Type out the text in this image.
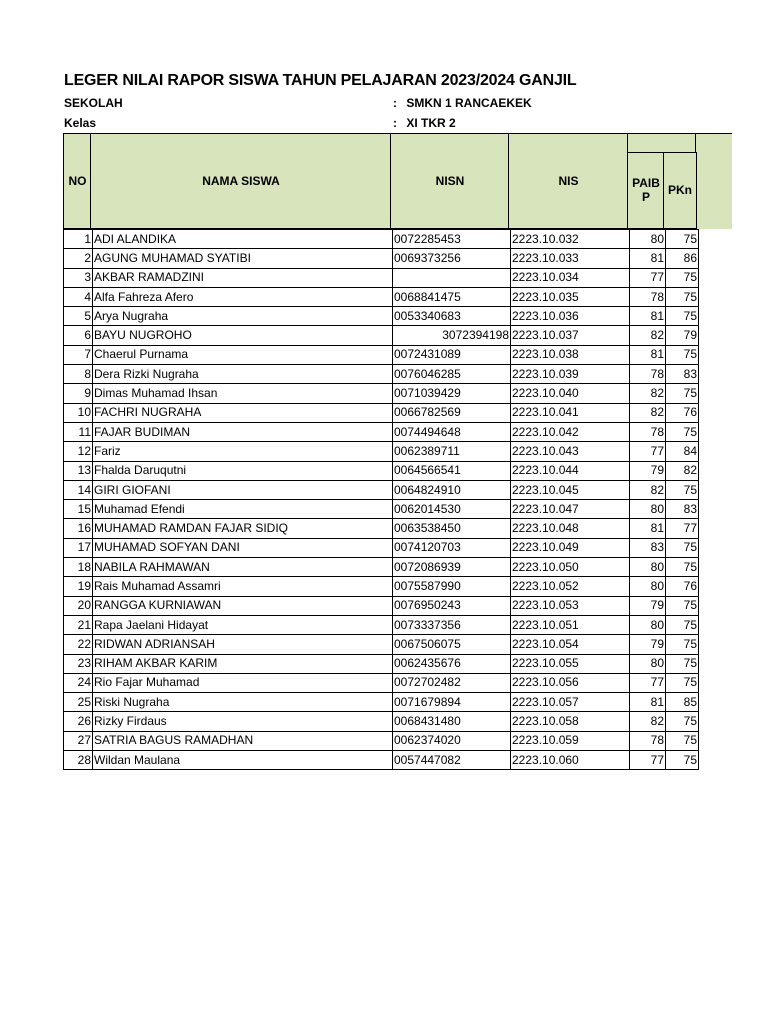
LEGER NILAI RAPOR SISWA TAHUN PELAJARAN 2023/2024 GANJIL
SEKOLAH	: SMKN 1 RANCAEKEK
Kelas	: XI TKR 2
NO	NAMA SISWA	NISN	NIS	PAIB
P	PKn
1	ADI ALANDIKA	0072285453	2223.10.032	80	75
2	AGUNG MUHAMAD SYATIBI	0069373256	2223.10.033	81	86
3	AKBAR RAMADZINI		2223.10.034	77	75
4	Alfa Fahreza Afero	0068841475	2223.10.035	78	75
5	Arya Nugraha	0053340683	2223.10.036	81	75
6	BAYU NUGROHO	3072394198	2223.10.037	82	79
7	Chaerul Purnama	0072431089	2223.10.038	81	75
8	Dera Rizki Nugraha	0076046285	2223.10.039	78	83
9	Dimas Muhamad Ihsan	0071039429	2223.10.040	82	75
10	FACHRI NUGRAHA	0066782569	2223.10.041	82	76
11	FAJAR BUDIMAN	0074494648	2223.10.042	78	75
12	Fariz	0062389711	2223.10.043	77	84
13	Fhalda Daruqutni	0064566541	2223.10.044	79	82
14	GIRI GIOFANI	0064824910	2223.10.045	82	75
15	Muhamad Efendi	0062014530	2223.10.047	80	83
16	MUHAMAD RAMDAN FAJAR SIDIQ	0063538450	2223.10.048	81	77
17	MUHAMAD SOFYAN DANI	0074120703	2223.10.049	83	75
18	NABILA RAHMAWAN	0072086939	2223.10.050	80	75
19	Rais Muhamad Assamri	0075587990	2223.10.052	80	76
20	RANGGA KURNIAWAN	0076950243	2223.10.053	79	75
21	Rapa Jaelani Hidayat	0073337356	2223.10.051	80	75
22	RIDWAN ADRIANSAH	0067506075	2223.10.054	79	75
23	RIHAM AKBAR KARIM	0062435676	2223.10.055	80	75
24	Rio Fajar Muhamad	0072702482	2223.10.056	77	75
25	Riski Nugraha	0071679894	2223.10.057	81	85
26	Rizky Firdaus	0068431480	2223.10.058	82	75
27	SATRIA BAGUS RAMADHAN	0062374020	2223.10.059	78	75
28	Wildan Maulana	0057447082	2223.10.060	77	75
